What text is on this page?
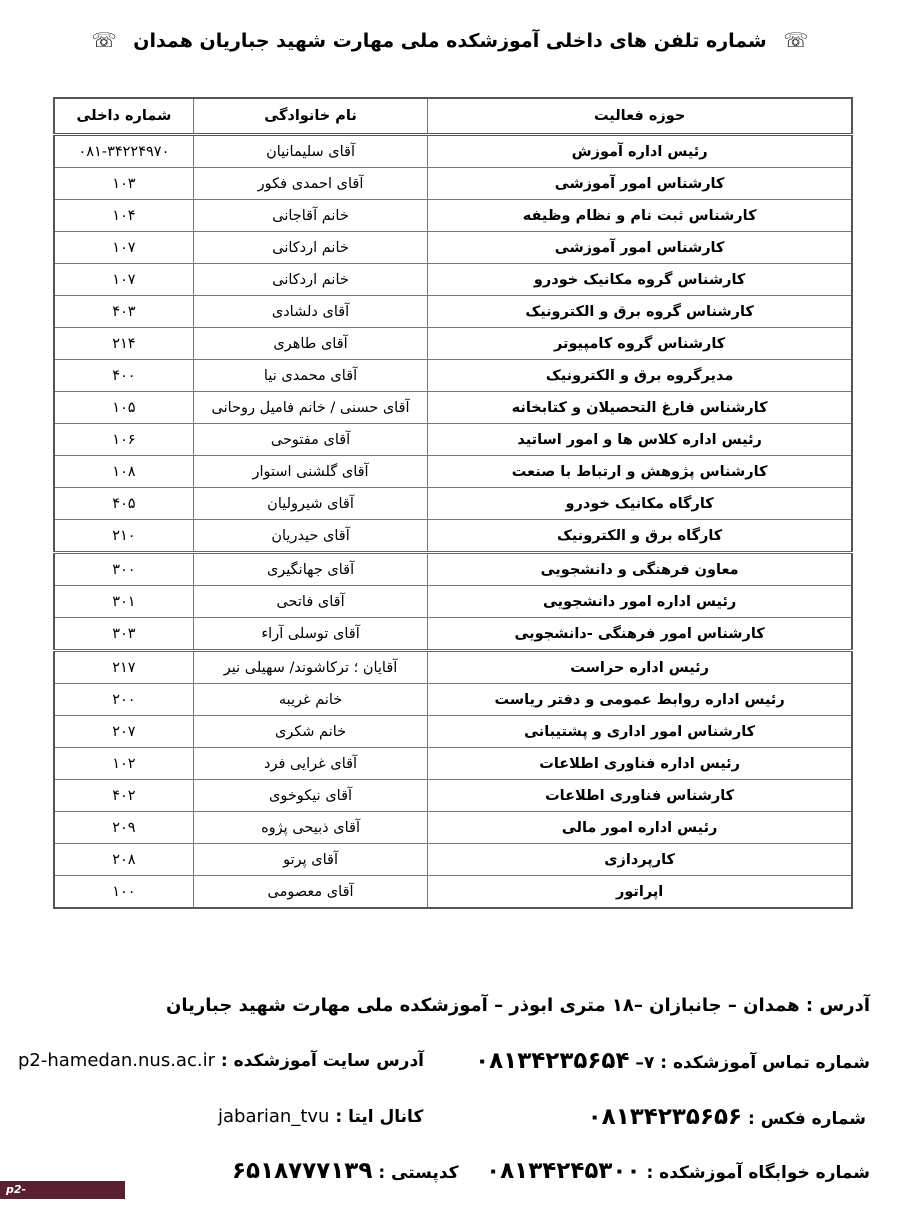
☏ شماره تلفن های داخلی آموزشکده ملی مهارت شهید جباریان همدان ☏
حوزه فعالیت	نام خانوادگی	شماره داخلی
رئیس اداره آموزش	آقای سلیمانیان	۰۸۱-۳۴۲۲۴۹۷۰
کارشناس امور آموزشی	آقای احمدی فکور	۱۰۳
کارشناس ثبت نام و نظام وظیفه	خانم آقاجانی	۱۰۴
کارشناس امور آموزشی	خانم اردکانی	۱۰۷
کارشناس گروه مکانیک خودرو	خانم اردکانی	۱۰۷
کارشناس گروه برق و الکترونیک	آقای دلشادی	۴۰۳
کارشناس گروه کامپیوتر	آقای طاهری	۲۱۴
مدیرگروه برق و الکترونیک	آقای محمدی نیا	۴۰۰
کارشناس فارغ التحصیلان و کتابخانه	آقای حسنی / خانم فامیل روحانی	۱۰۵
رئیس اداره کلاس ها و امور اساتید	آقای مفتوحی	۱۰۶
کارشناس پژوهش و ارتباط با صنعت	آقای گلشنی استوار	۱۰۸
کارگاه مکانیک خودرو	آقای شیرولیان	۴۰۵
کارگاه برق و الکترونیک	آقای حیدریان	۲۱۰
معاون فرهنگی و دانشجویی	آقای جهانگیری	۳۰۰
رئیس اداره امور دانشجویی	آقای فاتحی	۳۰۱
کارشناس امور فرهنگی -دانشجویی	آقای توسلی آراء	۳۰۳
رئیس اداره حراست	آقایان ؛ ترکاشوند/ سهیلی نیر	۲۱۷
رئیس اداره روابط عمومی و دفتر ریاست	خانم غریبه	۲۰۰
کارشناس امور اداری و پشتیبانی	خانم شکری	۲۰۷
رئیس اداره فناوری اطلاعات	آقای غرایی فرد	۱۰۲
کارشناس فناوری اطلاعات	آقای نیکوخوی	۴۰۲
رئیس اداره امور مالی	آقای ذبیحی پژوه	۲۰۹
کارپردازی	آقای پرتو	۲۰۸
اپراتور	آقای معصومی	۱۰۰
آدرس : همدان – جانبازان –۱۸ متری ابوذر – آموزشکده ملی مهارت شهید جباریان
شماره تماس آموزشکده : ۷– ۰۸۱۳۴۲۳۵۶۵۴
آدرس سایت آموزشکده : p2-hamedan.nus.ac.ir
شماره فکس : ۰۸۱۳۴۲۳۵۶۵۶
کانال ایتا : jabarian_tvu
شماره خوابگاه آموزشکده : ۰۸۱۳۴۲۴۵۳۰۰
کدپستی : ۶۵۱۸۷۷۷۱۳۹
p2-hamedan.nus.ac.ir
